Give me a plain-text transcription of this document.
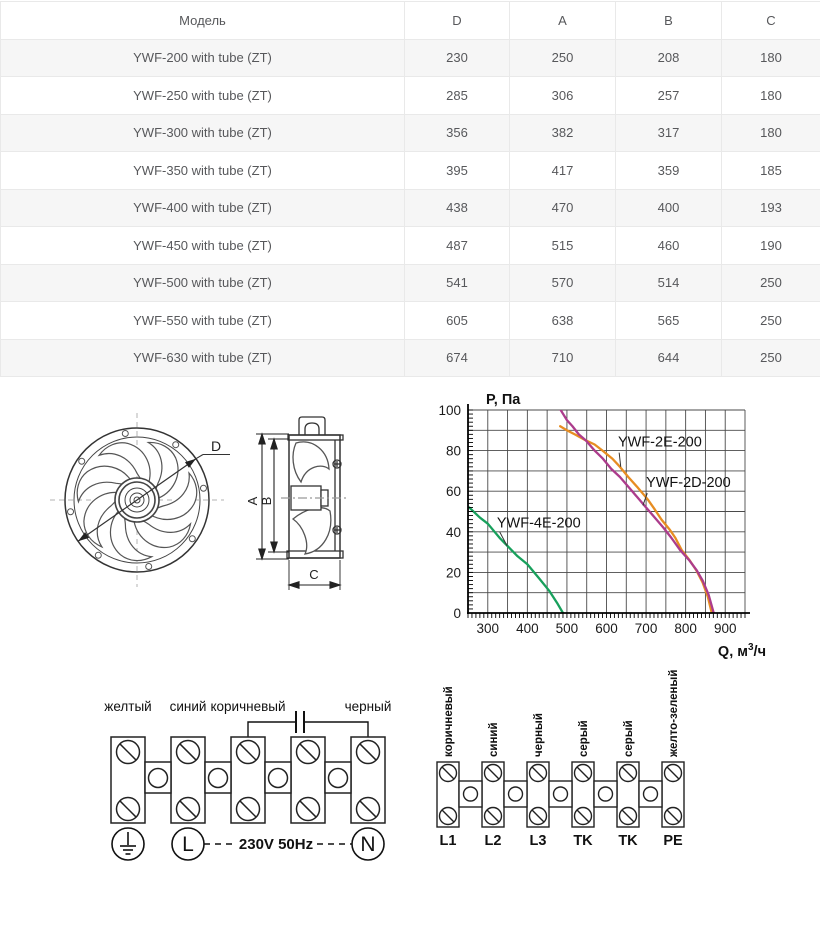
Модель	D	A	B	C
YWF-200 with tube (ZT)	230	250	208	180
YWF-250 with tube (ZT)	285	306	257	180
YWF-300 with tube (ZT)	356	382	317	180
YWF-350 with tube (ZT)	395	417	359	185
YWF-400 with tube (ZT)	438	470	400	193
YWF-450 with tube (ZT)	487	515	460	190
YWF-500 with tube (ZT)	541	570	514	250
YWF-550 with tube (ZT)	605	638	565	250
YWF-630 with tube (ZT)	674	710	644	250
D
A B
C
0
20
40
60
80
100
300 400 500 600 700 800 900
P, Па
Q, $м^3/ч$
YWF-2E-200
YWF-2D-200
YWF-4E-200
желтый синий коричневый	черный
L	N
230V 50Hz
коричневый	синий	черный	серый	серый	желто-зеленый
L1 L2 L3 TK TK PE
